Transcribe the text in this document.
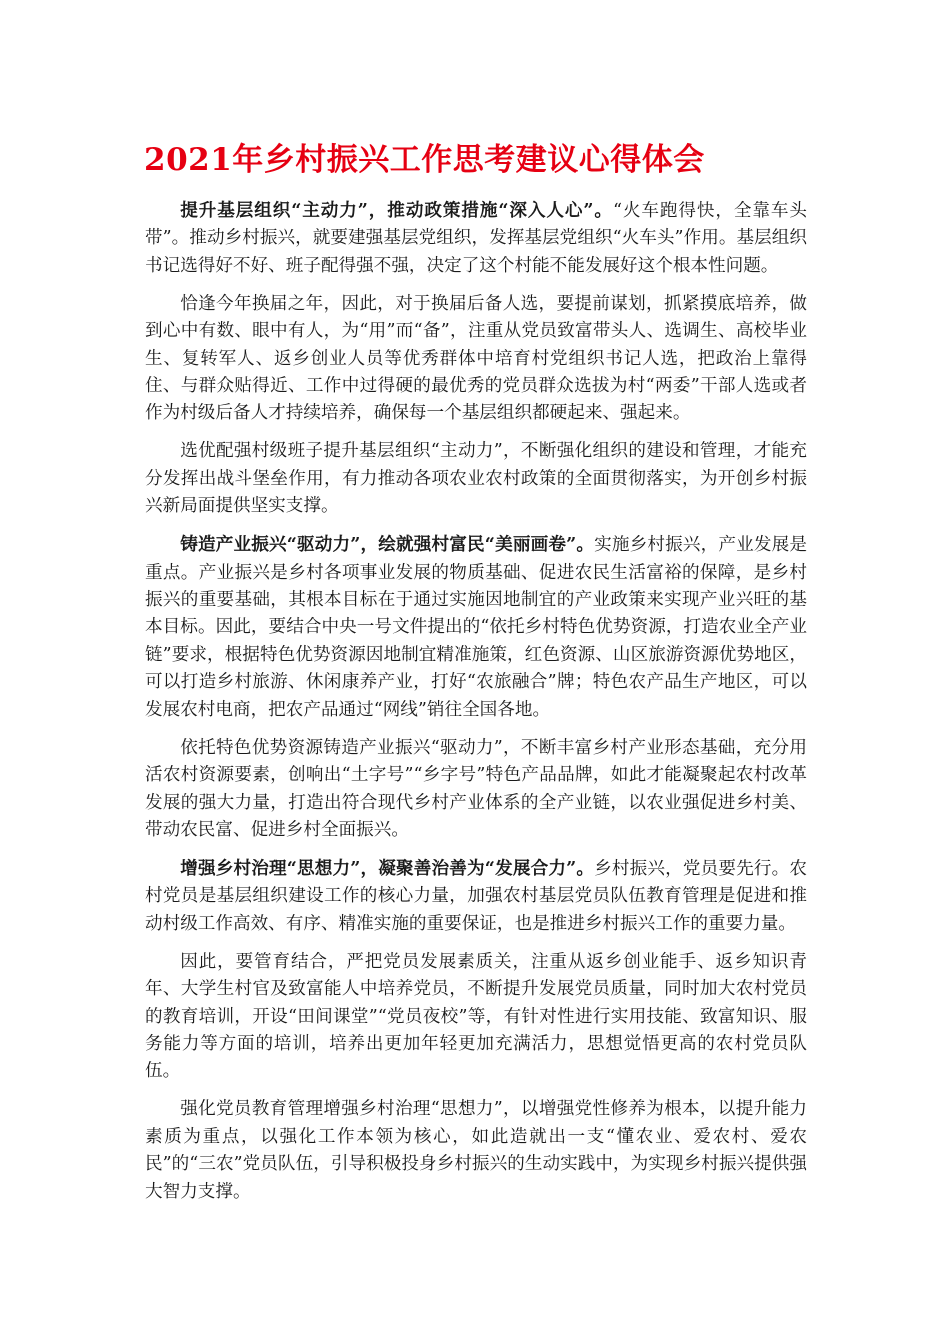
2021年乡村振兴工作思考建议心得体会

提升基层组织“主动力”，推动政策措施“深入人心”。“火车跑得快，全靠车头带”。推动乡村振兴，就要建强基层党组织，发挥基层党组织“火车头”作用。基层组织书记选得好不好、班子配得强不强，决定了这个村能不能发展好这个根本性问题。

恰逢今年换届之年，因此，对于换届后备人选，要提前谋划，抓紧摸底培养，做到心中有数、眼中有人，为“用”而“备”，注重从党员致富带头人、选调生、高校毕业生、复转军人、返乡创业人员等优秀群体中培育村党组织书记人选，把政治上靠得住、与群众贴得近、工作中过得硬的最优秀的党员群众选拔为村“两委”干部人选或者作为村级后备人才持续培养，确保每一个基层组织都硬起来、强起来。

选优配强村级班子提升基层组织“主动力”，不断强化组织的建设和管理，才能充分发挥出战斗堡垒作用，有力推动各项农业农村政策的全面贯彻落实，为开创乡村振兴新局面提供坚实支撑。

铸造产业振兴“驱动力”，绘就强村富民“美丽画卷”。实施乡村振兴，产业发展是重点。产业振兴是乡村各项事业发展的物质基础、促进农民生活富裕的保障，是乡村振兴的重要基础，其根本目标在于通过实施因地制宜的产业政策来实现产业兴旺的基本目标。因此，要结合中央一号文件提出的“依托乡村特色优势资源，打造农业全产业链”要求，根据特色优势资源因地制宜精准施策，红色资源、山区旅游资源优势地区，可以打造乡村旅游、休闲康养产业，打好“农旅融合”牌；特色农产品生产地区，可以发展农村电商，把农产品通过“网线”销往全国各地。

依托特色优势资源铸造产业振兴“驱动力”，不断丰富乡村产业形态基础，充分用活农村资源要素，创响出“土字号”“乡字号”特色产品品牌，如此才能凝聚起农村改革发展的强大力量，打造出符合现代乡村产业体系的全产业链，以农业强促进乡村美、带动农民富、促进乡村全面振兴。

增强乡村治理“思想力”，凝聚善治善为“发展合力”。乡村振兴，党员要先行。农村党员是基层组织建设工作的核心力量，加强农村基层党员队伍教育管理是促进和推动村级工作高效、有序、精准实施的重要保证，也是推进乡村振兴工作的重要力量。

因此，要管育结合，严把党员发展素质关，注重从返乡创业能手、返乡知识青年、大学生村官及致富能人中培养党员，不断提升发展党员质量，同时加大农村党员的教育培训，开设“田间课堂”“党员夜校”等，有针对性进行实用技能、致富知识、服务能力等方面的培训，培养出更加年轻更加充满活力，思想觉悟更高的农村党员队伍。

强化党员教育管理增强乡村治理“思想力”，以增强党性修养为根本，以提升能力素质为重点，以强化工作本领为核心，如此造就出一支“懂农业、爱农村、爱农民”的“三农”党员队伍，引导积极投身乡村振兴的生动实践中，为实现乡村振兴提供强大智力支撑。
